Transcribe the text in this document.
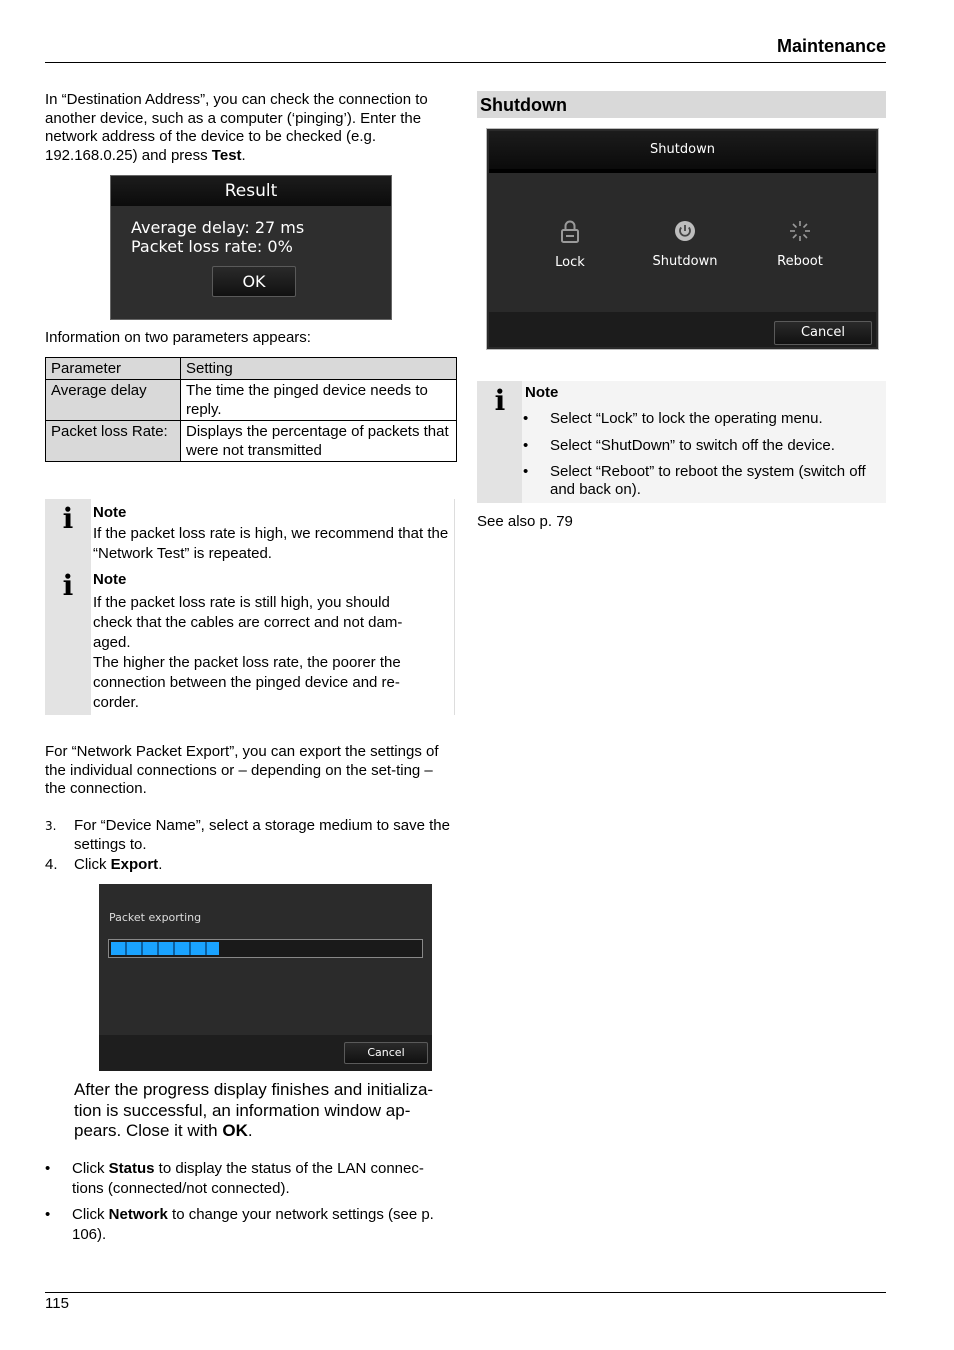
Maintenance

In “Destination Address”, you can check the connection to another device, such as a computer (‘pinging’). Enter the network address of the device to be checked (e.g. 192.168.0.25) and press Test.

Result
Average delay: 27 ms
Packet loss rate: 0%
OK

Information on two parameters appears:

Parameter	Setting
Average delay	The time the pinged device needs to reply.
Packet loss Rate:	Displays the percentage of packets that were not transmitted
i
i
Note
If the packet loss rate is high, we recommend that the “Network Test” is repeated.
Note
If the packet loss rate is still high, you should check that the cables are correct and not dam-aged.
The higher the packet loss rate, the poorer the connection between the pinged device and re-corder.

For “Network Packet Export”, you can export the settings of the individual connections or – depending on the set-ting – the connection.

3. For “Device Name”, select a storage medium to save the settings to.
4. Click Export.
Packet exporting
Cancel

After the progress display finishes and initializa-tion is successful, an information window ap-pears. Close it with OK.

• Click Status to display the status of the LAN connec-tions (connected/not connected).
• Click Network to change your network settings (see p. 106).
Shutdown
Shutdown
Lock	Shutdown	Reboot
Cancel
i	Note
• Select “Lock” to lock the operating menu.
• Select “ShutDown” to switch off the device.
• Select “Reboot” to reboot the system (switch off and back on).

See also p. 79

115
